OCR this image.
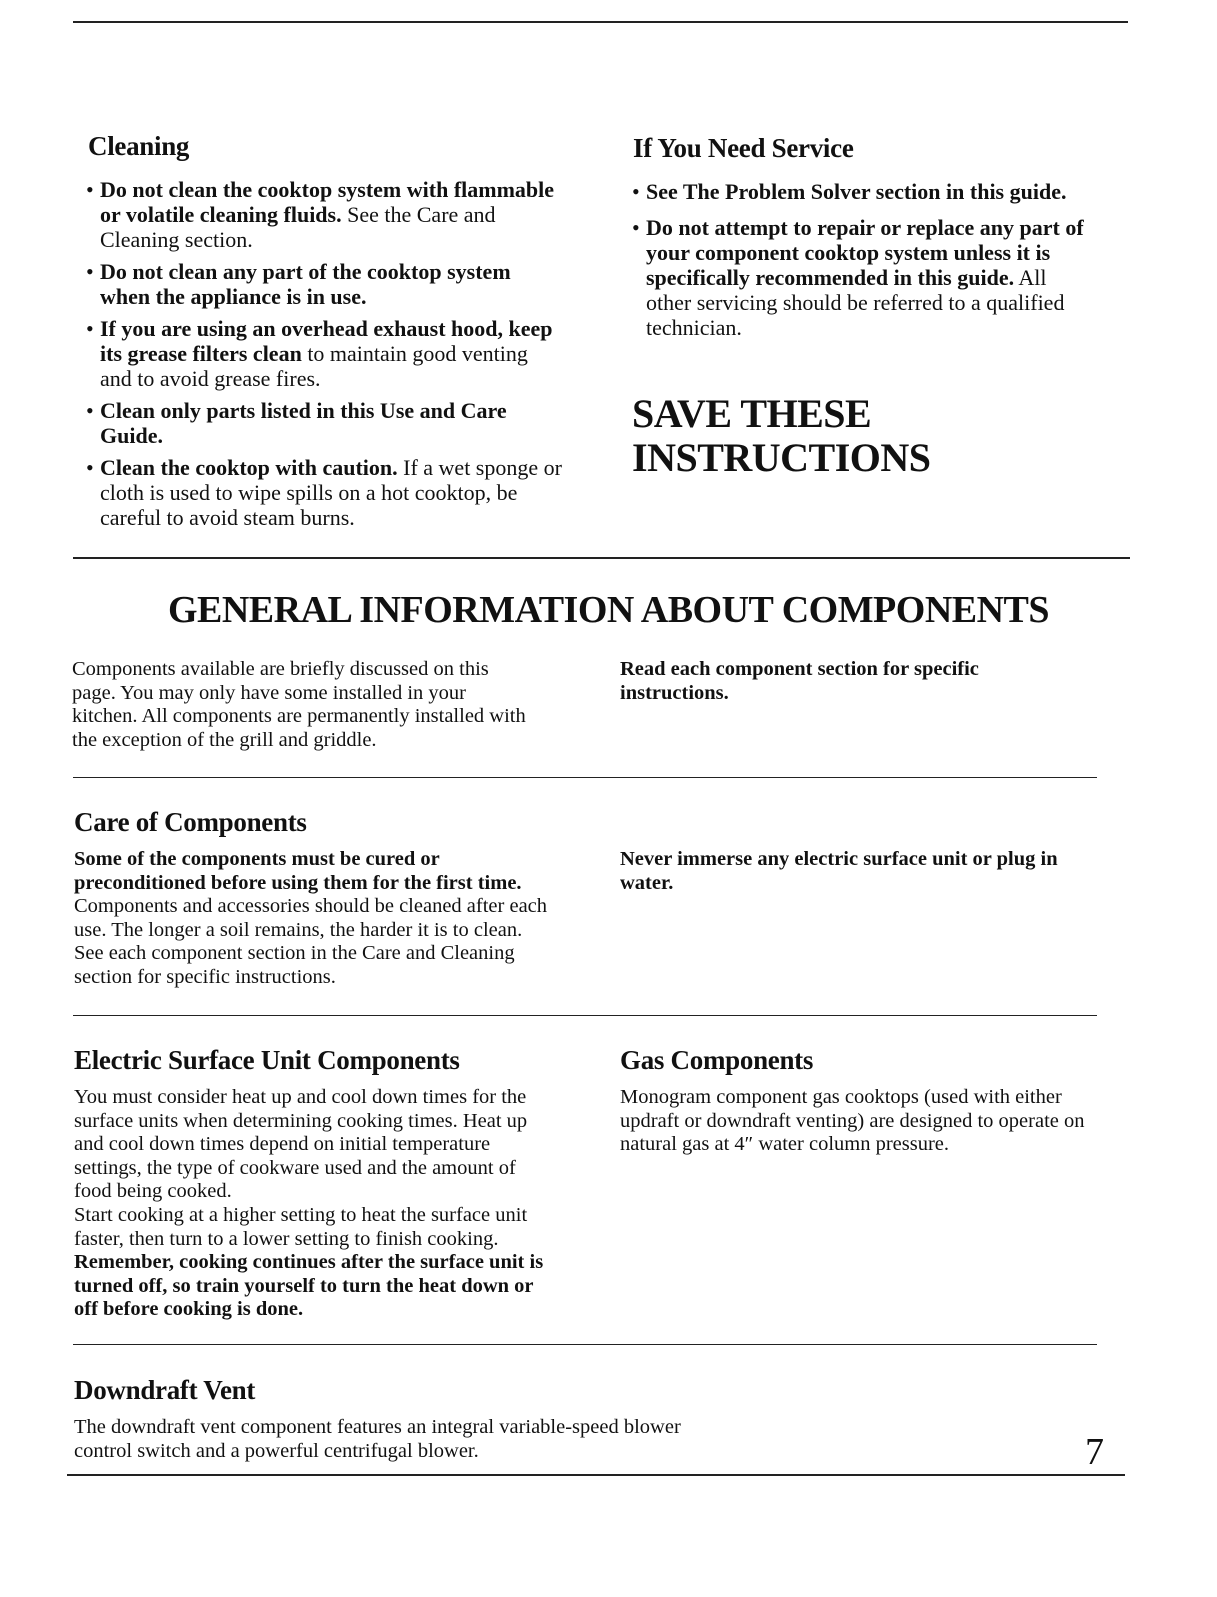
Cleaning
• Do not clean the cooktop system with flammable or volatile cleaning fluids. See the Care and Cleaning section.
• Do not clean any part of the cooktop system when the appliance is in use.
• If you are using an overhead exhaust hood, keep its grease filters clean to maintain good venting and to avoid grease fires.
• Clean only parts listed in this Use and Care Guide.
• Clean the cooktop with caution. If a wet sponge or cloth is used to wipe spills on a hot cooktop, be careful to avoid steam burns.
If You Need Service
• See The Problem Solver section in this guide.
• Do not attempt to repair or replace any part of your component cooktop system unless it is specifically recommended in this guide. All other servicing should be referred to a qualified technician.
SAVE THESE
INSTRUCTIONS
GENERAL INFORMATION ABOUT COMPONENTS

Components available are briefly discussed on this page. You may only have some installed in your kitchen. All components are permanently installed with the exception of the grill and griddle.

Read each component section for specific instructions.

Care of Components

Some of the components must be cured or preconditioned before using them for the first time.
Components and accessories should be cleaned after each use. The longer a soil remains, the harder it is to clean. See each component section in the Care and Cleaning section for specific instructions.

Never immerse any electric surface unit or plug in water.

Electric Surface Unit Components

You must consider heat up and cool down times for the surface units when determining cooking times. Heat up and cool down times depend on initial temperature settings, the type of cookware used and the amount of food being cooked.

Start cooking at a higher setting to heat the surface unit faster, then turn to a lower setting to finish cooking. Remember, cooking continues after the surface unit is turned off, so train yourself to turn the heat down or off before cooking is done.

Gas Components

Monogram component gas cooktops (used with either updraft or downdraft venting) are designed to operate on natural gas at 4″ water column pressure.

Downdraft Vent

The downdraft vent component features an integral variable-speed blower control switch and a powerful centrifugal blower.	7
